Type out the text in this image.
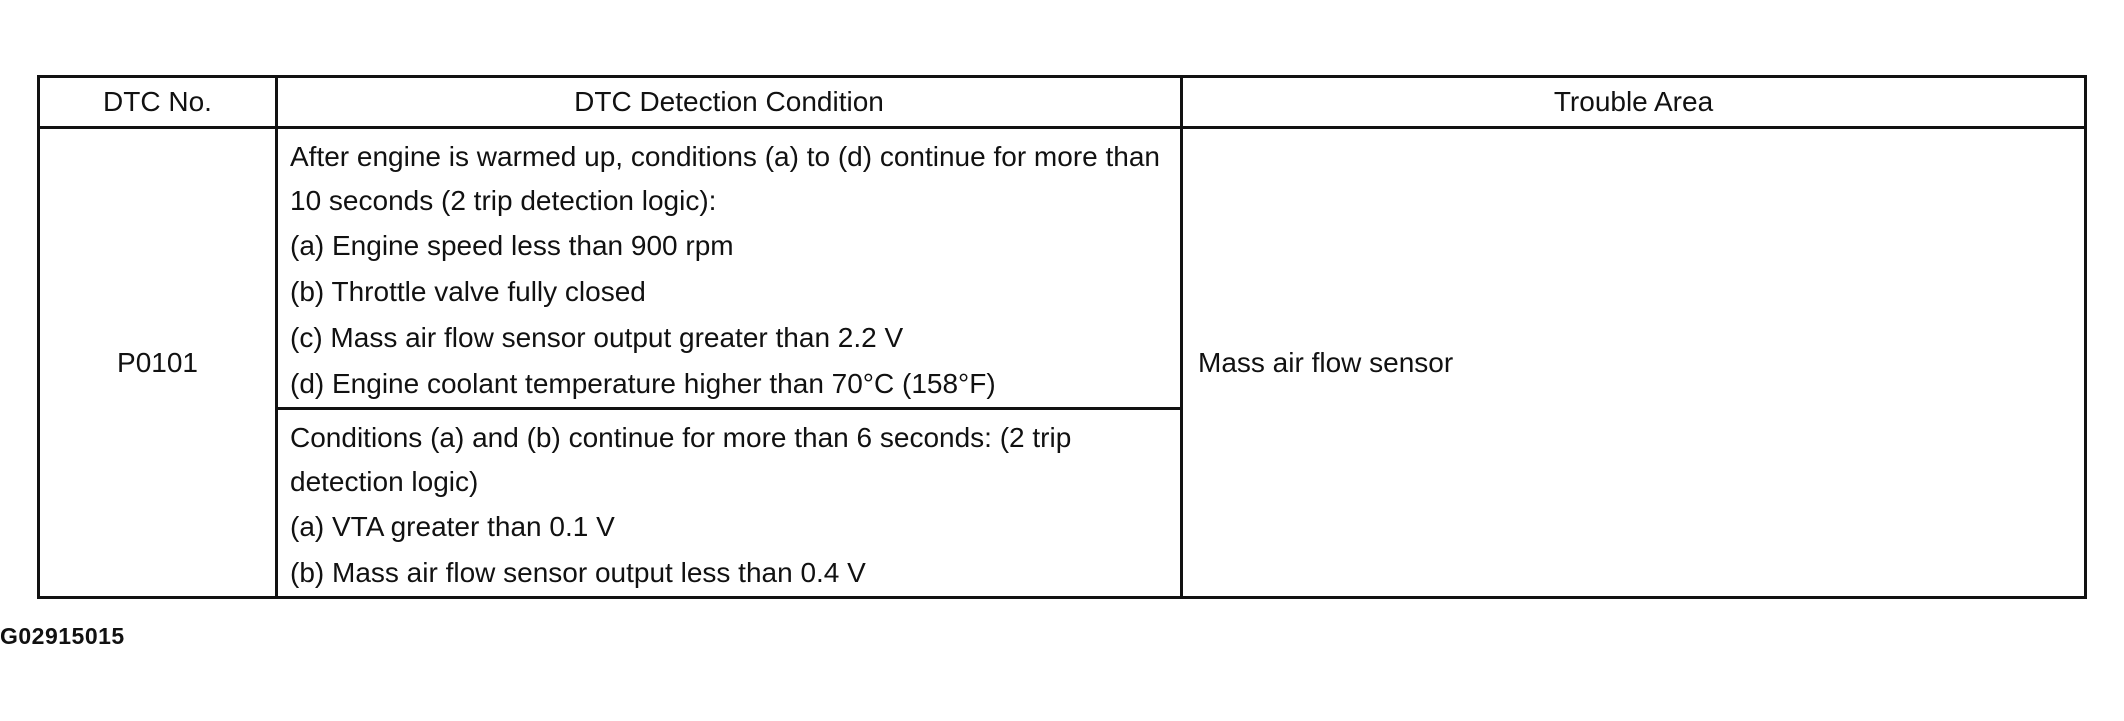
DTC No.	DTC Detection Condition	Trouble Area
P0101	After engine is warmed up, conditions (a) to (d) continue for more than 10 seconds (2 trip detection logic):
(a) Engine speed less than 900 rpm
(b) Throttle valve fully closed
(c) Mass air flow sensor output greater than 2.2 V
(d) Engine coolant temperature higher than 70°C (158°F)	Mass air flow sensor

	Conditions (a) and (b) continue for more than 6 seconds: (2 trip detection logic)
(a) VTA greater than 0.1 V
(b) Mass air flow sensor output less than 0.4 V	
G02915015
